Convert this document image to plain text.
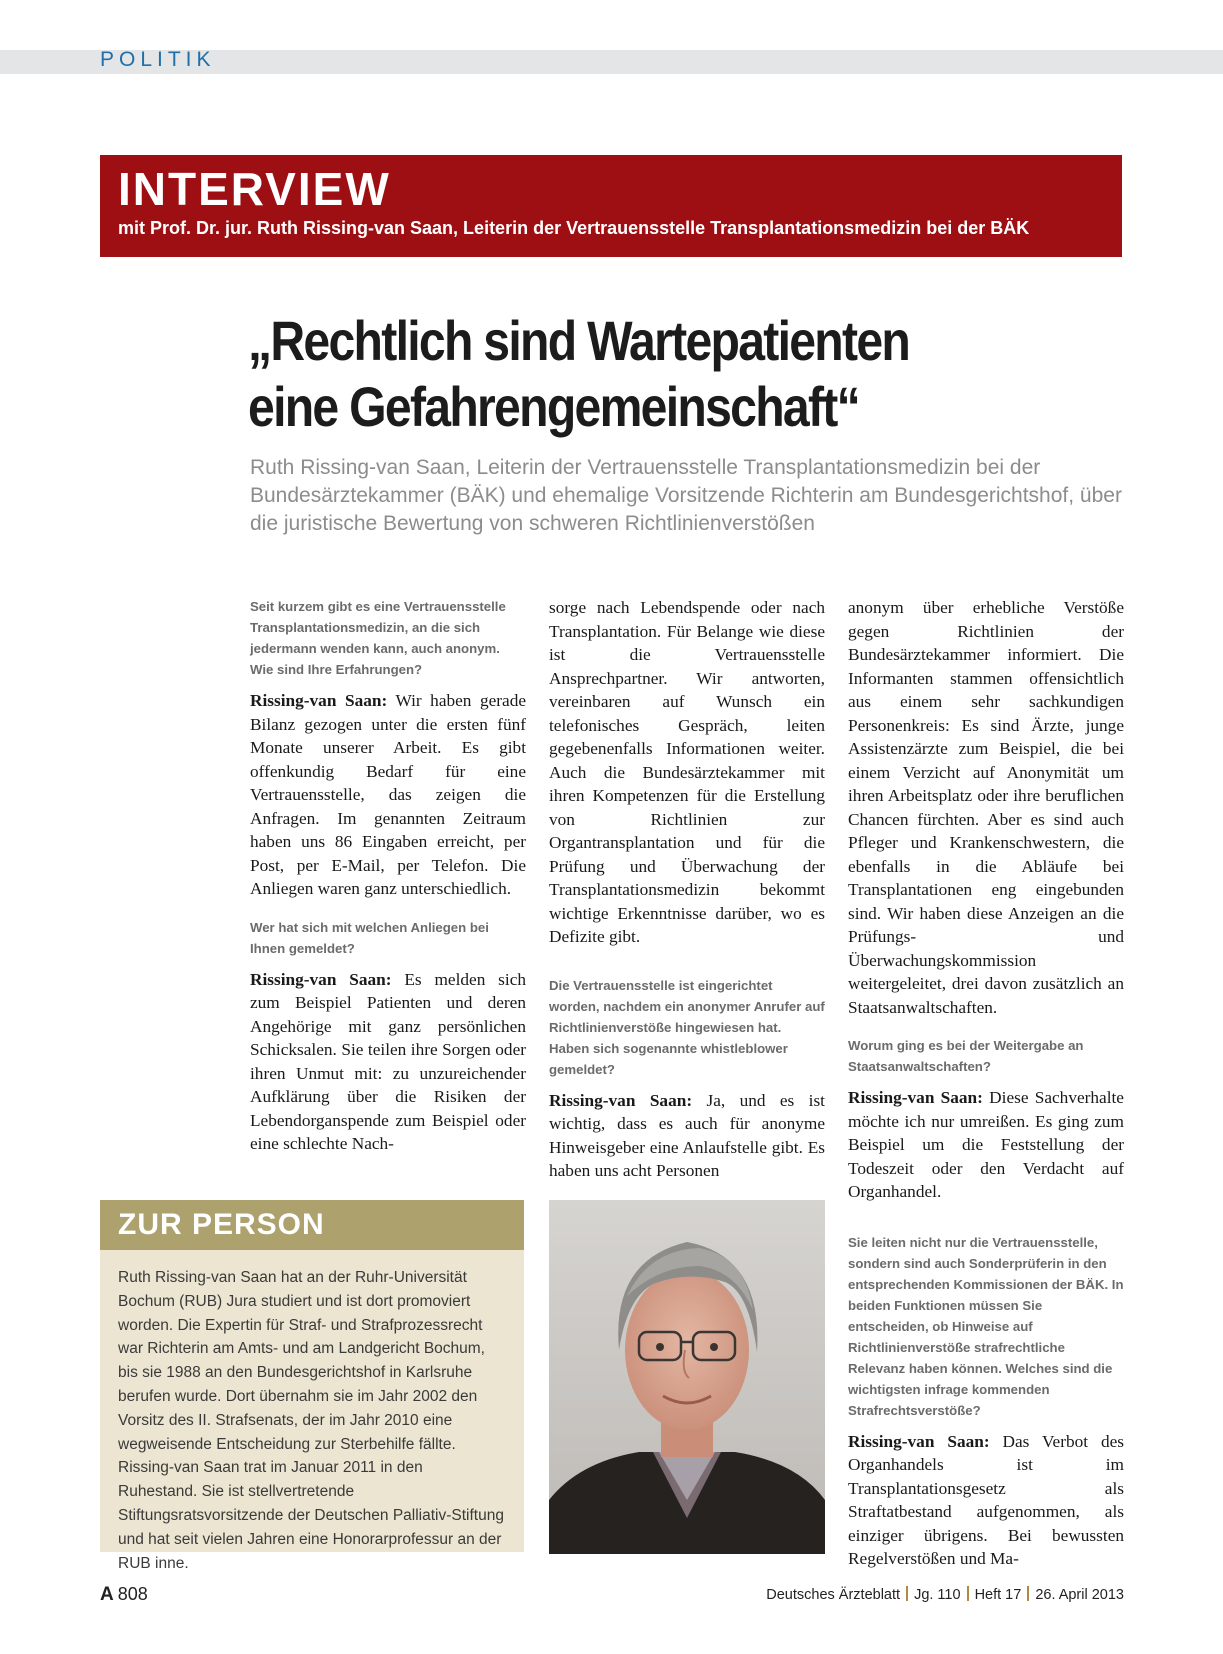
POLITIK
INTERVIEW
mit Prof. Dr. jur. Ruth Rissing-van Saan, Leiterin der Vertrauensstelle Transplantationsmedizin bei der BÄK
„Rechtlich sind Wartepatienten
eine Gefahrengemeinschaft“
Ruth Rissing-van Saan, Leiterin der Vertrauensstelle Transplantationsmedizin bei der Bundesärztekammer (BÄK) und ehemalige Vorsitzende Richterin am Bundesgerichtshof, über die juristische Bewertung von schweren Richtlinienverstößen

Seit kurzem gibt es eine Vertrauensstelle Transplantationsmedizin, an die sich jedermann wenden kann, auch anonym. Wie sind Ihre Erfahrungen?

Rissing-van Saan: Wir haben gerade Bilanz gezogen unter die ersten fünf Monate unserer Arbeit. Es gibt offenkundig Bedarf für eine Vertrauensstelle, das zeigen die Anfragen. Im genannten Zeitraum haben uns 86 Eingaben erreicht, per Post, per E-Mail, per Telefon. Die Anliegen waren ganz unterschiedlich.

Wer hat sich mit welchen Anliegen bei Ihnen gemeldet?

Rissing-van Saan: Es melden sich zum Beispiel Patienten und deren Angehörige mit ganz persönlichen Schicksalen. Sie teilen ihre Sorgen oder ihren Unmut mit: zu unzureichender Aufklärung über die Risiken der Lebendorganspende zum Beispiel oder eine schlechte Nach-

sorge nach Lebendspende oder nach Transplantation. Für Belange wie diese ist die Vertrauensstelle Ansprechpartner. Wir antworten, vereinbaren auf Wunsch ein telefonisches Gespräch, leiten gegebenenfalls Informationen weiter. Auch die Bundesärztekammer mit ihren Kompetenzen für die Erstellung von Richtlinien zur Organtransplantation und für die Prüfung und Überwachung der Transplantationsmedizin bekommt wichtige Erkenntnisse darüber, wo es Defizite gibt.

Die Vertrauensstelle ist eingerichtet worden, nachdem ein anonymer Anrufer auf Richtlinienverstöße hingewiesen hat. Haben sich sogenannte whistleblower gemeldet?

Rissing-van Saan: Ja, und es ist wichtig, dass es auch für anonyme Hinweisgeber eine Anlaufstelle gibt. Es haben uns acht Personen

anonym über erhebliche Verstöße gegen Richtlinien der Bundesärztekammer informiert. Die Informanten stammen offensichtlich aus einem sehr sachkundigen Personenkreis: Es sind Ärzte, junge Assistenzärzte zum Beispiel, die bei einem Verzicht auf Anonymität um ihren Arbeitsplatz oder ihre beruflichen Chancen fürchten. Aber es sind auch Pfleger und Krankenschwestern, die ebenfalls in die Abläufe bei Transplantationen eng eingebunden sind. Wir haben diese Anzeigen an die Prüfungs- und Überwachungskommission weitergeleitet, drei davon zusätzlich an Staatsanwaltschaften.

Worum ging es bei der Weitergabe an Staatsanwaltschaften?

Rissing-van Saan: Diese Sachverhalte möchte ich nur umreißen. Es ging zum Beispiel um die Feststellung der Todeszeit oder den Verdacht auf Organhandel.

Sie leiten nicht nur die Vertrauensstelle, sondern sind auch Sonderprüferin in den entsprechenden Kommissionen der BÄK. In beiden Funktionen müssen Sie entscheiden, ob Hinweise auf Richtlinienverstöße strafrechtliche Relevanz haben können. Welches sind die wichtigsten infrage kommenden Strafrechtsverstöße?

Rissing-van Saan: Das Verbot des Organhandels ist im Transplantationsgesetz als Straftatbestand aufgenommen, als einziger übrigens. Bei bewussten Regelverstößen und Ma-

ZUR PERSON
Ruth Rissing-van Saan hat an der Ruhr-Universität Bochum (RUB) Jura studiert und ist dort promoviert worden. Die Expertin für Straf- und Strafprozessrecht war Richterin am Amts- und am Landgericht Bochum, bis sie 1988 an den Bundesgerichtshof in Karlsruhe berufen wurde. Dort übernahm sie im Jahr 2002 den Vorsitz des II. Strafsenats, der im Jahr 2010 eine wegweisende Entscheidung zur Sterbehilfe fällte. Rissing-van Saan trat im Januar 2011 in den Ruhestand. Sie ist stellvertretende Stiftungsratsvorsitzende der Deutschen Palliativ-Stiftung und hat seit vielen Jahren eine Honorarprofessur an der RUB inne.
A 808	Deutsches Ärzteblatt Jg. 110 Heft 17 26. April 2013
